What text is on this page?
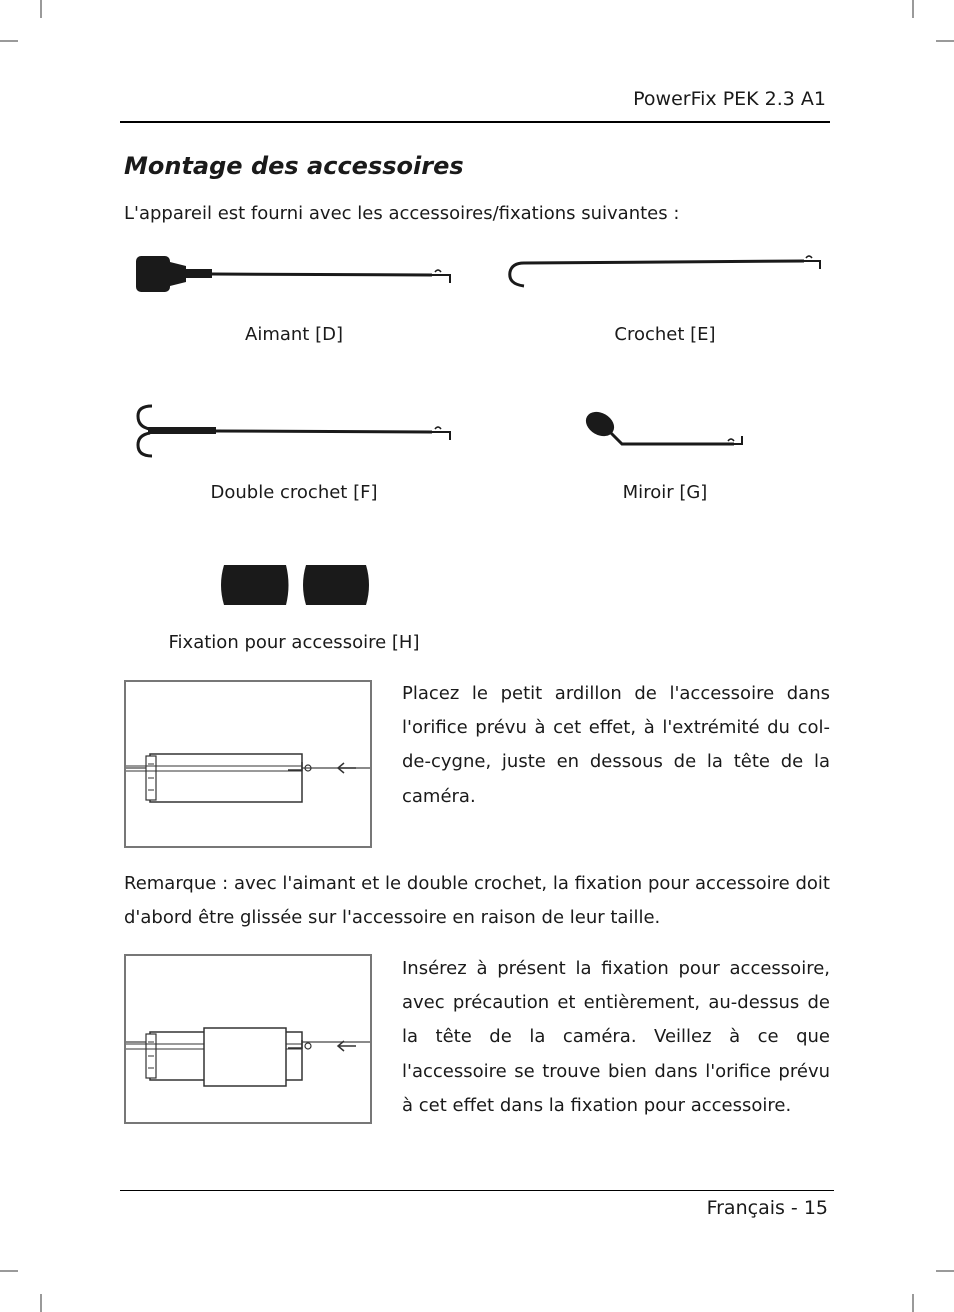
PowerFix PEK 2.3 A1
Montage des accessoires
L'appareil est fourni avec les accessoires/fixations suivantes :
Aimant [D]	Crochet [E]
Double crochet [F]	Miroir [G]
Fixation pour accessoire [H]

Placez le petit ardillon de l'accessoire dans l'orifice prévu à cet effet, à l'extrémité du col-de-cygne, juste en dessous de la tête de la caméra.

Remarque : avec l'aimant et le double crochet, la fixation pour accessoire doit d'abord être glissée sur l'accessoire en raison de leur taille.

Insérez à présent la fixation pour accessoire, avec précaution et entièrement, au-dessus de la tête de la caméra. Veillez à ce que l'accessoire se trouve bien dans l'orifice prévu à cet effet dans la fixation pour accessoire.

Français - 15
